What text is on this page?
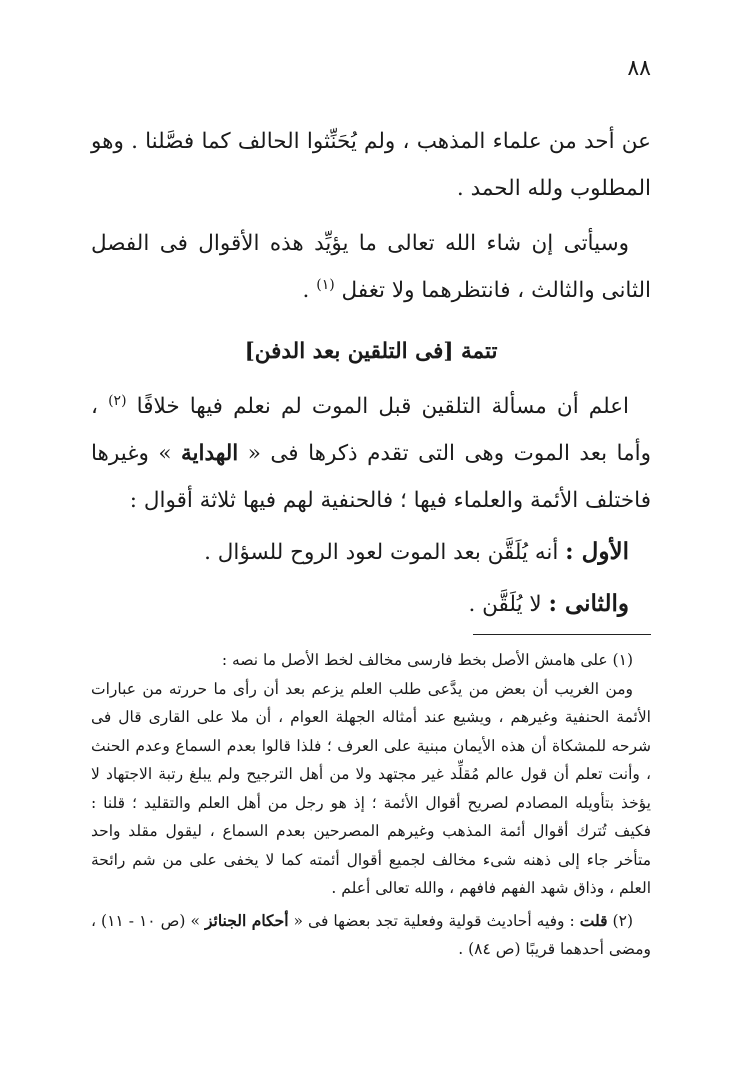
٨٨

عن أحد من علماء المذهب ، ولم يُحَنِّثوا الحالف كما فصَّلنا . وهو المطلوب ولله الحمد .

وسيأتى إن شاء الله تعالى ما يؤيِّد هذه الأقوال فى الفصل الثانى والثالث ، فانتظرهما ولا تغفل $^{(١)}$ .

تتمة [فى التلقين بعد الدفن]

اعلم أن مسألة التلقين قبل الموت لم نعلم فيها خلافًا $^{(٢)}$ ، وأما بعد الموت وهى التى تقدم ذكرها فى « الهداية » وغيرها فاختلف الأئمة والعلماء فيها ؛ فالحنفية لهم فيها ثلاثة أقوال :

الأول : أنه يُلَقَّن بعد الموت لعود الروح للسؤال .

والثانى : لا يُلَقَّن .

(١) على هامش الأصل بخط فارسى مخالف لخط الأصل ما نصه :

ومن الغريب أن بعض من يدَّعى طلب العلم يزعم بعد أن رأى ما حررته من عبارات الأئمة الحنفية وغيرهم ، ويشيع عند أمثاله الجهلة العوام ، أن ملا على القارى قال فى شرحه للمشكاة أن هذه الأيمان مبنية على العرف ؛ فلذا قالوا بعدم السماع وعدم الحنث ، وأنت تعلم أن قول عالم مُقلِّد غير مجتهد ولا من أهل الترجيح ولم يبلغ رتبة الاجتهاد لا يؤخذ بتأويله المصادم لصريح أقوال الأئمة ؛ إذ هو رجل من أهل العلم والتقليد ؛ قلنا : فكيف تُترك أقوال أئمة المذهب وغيرهم المصرحين بعدم السماع ، ليقول مقلد واحد متأخر جاء إلى ذهنه شىء مخالف لجميع أقوال أئمته كما لا يخفى على من شم رائحة العلم ، وذاق شهد الفهم فافهم ، والله تعالى أعلم .

(٢) قلت : وفيه أحاديث قولية وفعلية تجد بعضها فى « أحكام الجنائز » (ص ١٠ - ١١) ، ومضى أحدهما قريبًا (ص ٨٤) .
